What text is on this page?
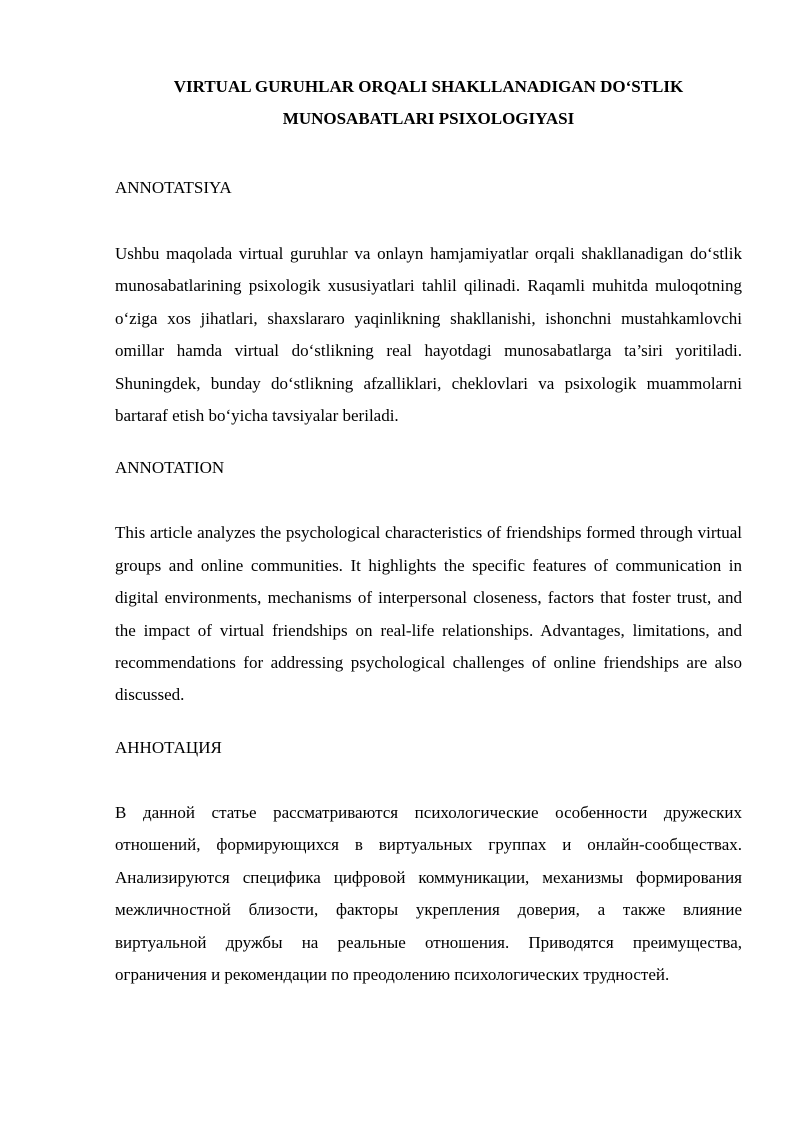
VIRTUAL GURUHLAR ORQALI SHAKLLANADIGAN DO‘STLIK
MUNOSABATLARI PSIXOLOGIYASI
ANNOTATSIYA

Ushbu maqolada virtual guruhlar va onlayn hamjamiyatlar orqali shakllanadigan do‘stlik munosabatlarining psixologik xususiyatlari tahlil qilinadi. Raqamli muhitda muloqotning o‘ziga xos jihatlari, shaxslararo yaqinlikning shakllanishi, ishonchni mustahkamlovchi omillar hamda virtual do‘stlikning real hayotdagi munosabatlarga ta’siri yoritiladi. Shuningdek, bunday do‘stlikning afzalliklari, cheklovlari va psixologik muammolarni bartaraf etish bo‘yicha tavsiyalar beriladi.

ANNOTATION

This article analyzes the psychological characteristics of friendships formed through virtual groups and online communities. It highlights the specific features of communication in digital environments, mechanisms of interpersonal closeness, factors that foster trust, and the impact of virtual friendships on real-life relationships. Advantages, limitations, and recommendations for addressing psychological challenges of online friendships are also discussed.

АННОТАЦИЯ

В данной статье рассматриваются психологические особенности дружеских отношений, формирующихся в виртуальных группах и онлайн-сообществах. Анализируются специфика цифровой коммуникации, механизмы формирования межличностной близости, факторы укрепления доверия, а также влияние виртуальной дружбы на реальные отношения. Приводятся преимущества, ограничения и рекомендации по преодолению психологических трудностей.
